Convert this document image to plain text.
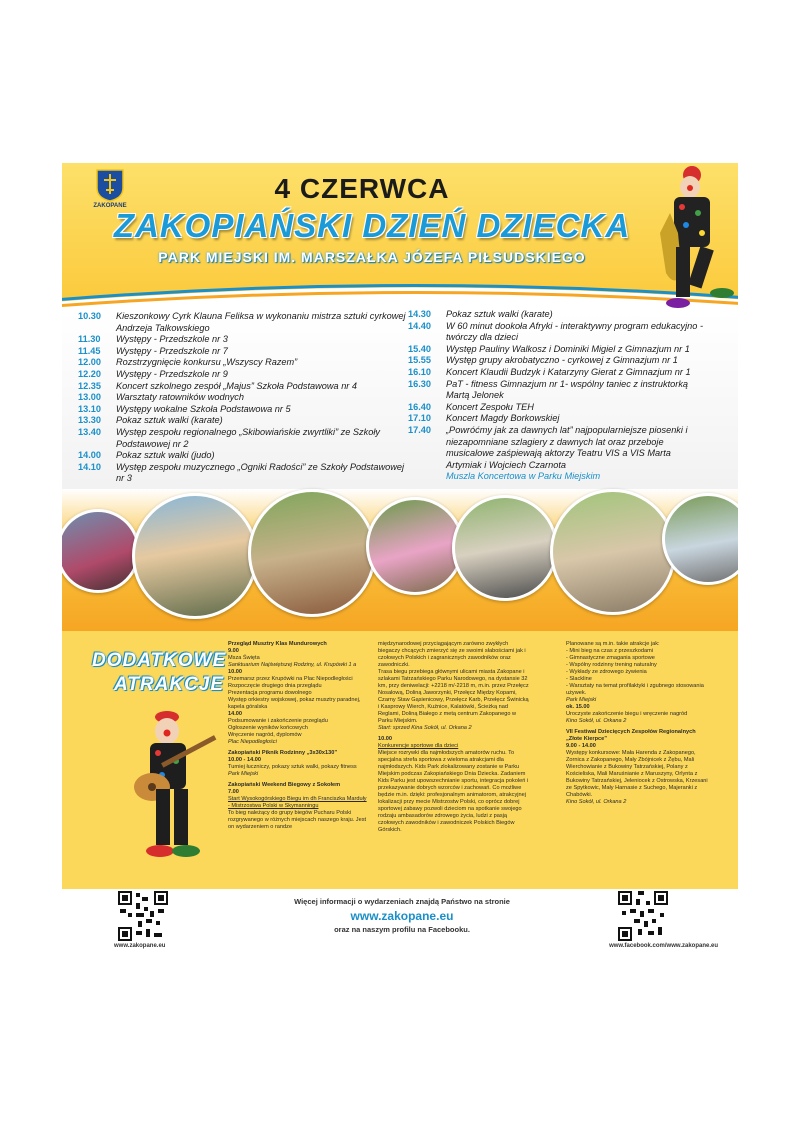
ZAKOPANE
4 CZERWCA
ZAKOPIAŃSKI DZIEŃ DZIECKA
PARK MIEJSKI IM. MARSZAŁKA JÓZEFA PIŁSUDSKIEGO
10.30	Kieszonkowy Cyrk Klauna Feliksa w wykonaniu mistrza sztuki cyrkowej Andrzeja Talkowskiego
11.30	Występy - Przedszkole nr 3
11.45	Występy - Przedszkole nr 7
12.00	Rozstrzygnięcie konkursu „Wszyscy Razem”
12.20	Występy - Przedszkole nr 9
12.35	Koncert szkolnego zespół „Majus” Szkoła Podstawowa nr 4
13.00	Warsztaty ratowników wodnych
13.10	Występy wokalne Szkoła Podstawowa nr 5
13.30	Pokaz sztuk walki (karate)
13.40	Występ zespołu regionalnego „Skibowiańskie zwyrtliki” ze Szkoły Podstawowej nr 2
14.00	Pokaz sztuk walki (judo)
14.10	Występ zespołu muzycznego „Ogniki Radości” ze Szkoły Podstawowej nr 3
14.30	Pokaz sztuk walki (karate)
14.40	W 60 minut dookoła Afryki - interaktywny program edukacyjno - twórczy dla dzieci
15.40	Występ Pauliny Walkosz i Dominiki Migiel z Gimnazjum nr 1
15.55	Występ grupy akrobatyczno - cyrkowej z Gimnazjum nr 1
16.10	Koncert Klaudii Budzyk i Katarzyny Gierat z Gimnazjum nr 1
16.30	PaT - fitness Gimnazjum nr 1- wspólny taniec z instruktorką Martą Jelonek
16.40	Koncert Zespołu TEH
17.10	Koncert Magdy Borkowskiej
17.40	„Powróćmy jak za dawnych lat” najpopularniejsze piosenki i niezapomniane szlagiery z dawnych lat oraz przeboje musicalowe zaśpiewają aktorzy Teatru VIS a VIS Marta Artymiak i Wojciech Czarnota
Muszla Koncertowa w Parku Miejskim
DODATKOWE
ATRAKCJE

Przegląd Musztry Klas Mundurowych

9.00

Msza Święta

Sanktuarium Najświętszej Rodziny, ul. Krupówki 1 a

10.00

Przemarsz przez Krupówki na Plac Niepodległości

Rozpoczęcie drugiego dnia przeglądu

Prezentacja programu dowolnego

Występ orkiestry wojskowej, pokaz musztry paradnej, kapela góralska

14.00

Podsumowanie i zakończenie przeglądu

Ogłoszenie wyników końcowych

Wręczenie nagród, dyplomów

Plac Niepodległości

Zakopiański Piknik Rodzinny „3x30x130”

10.00 - 14.00

Turniej łuczniczy, pokazy sztuk walki, pokazy fitness

Park Miejski

Zakopiański Weekend Biegowy z Sokołem

7.00

Start Wysokogórskiego Biegu im dh Franciszka Marduły - Mistrzostwa Polski w Skymanningu

To bieg należący do grupy biegów Pucharu Polski rozgrywanego w różnych miejscach naszego kraju. Jest on wydarzeniem o randze

międzynarodowej przyciągającym zarówno zwykłych biegaczy chcących zmierzyć się ze swoimi słabościami jak i czołowych Polskich i zagranicznych zawodników oraz zawodniczki.

Trasa biegu przebiega głównymi ulicami miasta Zakopane i szlakami Tatrzańskiego Parku Narodowego, na dystansie 32 km, przy deniwelacji: +2218 m/-2218 m, m.in. przez Przełęcz Nosalową, Doliną Jaworzynki, Przełęcz Między Kopami, Czarny Staw Gąsienicowy, Przełęcz Karb, Przełęcz Świnicką i Kasprowy Wierch, Kuźnice, Kalatówki, Ścieżką nad Reglami, Doliną Białego z metą centrum Zakopanego w Parku Miejskim.

Start: sprzed Kina Sokół, ul. Orkana 2

10.00

Konkurencje sportowe dla dzieci

Miejsce rozrywki dla najmłodszych amatorów ruchu. To specjalna strefa sportowa z wieloma atrakcjami dla najmłodszych. Kids Park zlokalizowany zostanie w Parku Miejskim podczas Zakopiańskiego Dnia Dziecka. Zadaniem Kids Parku jest upowszechnianie sportu, integracja pokoleń i przekazywanie dobrych wzorców i zachowań. Co możliwe będzie m.in. dzięki: profesjonalnym animatorom, atrakcyjnej lokalizacji przy mecie Mistrzostw Polski, co oprócz dobrej sportowej zabawy pozwoli dzieciom na spotkanie swojego rodzaju ambasadorów zdrowego życia, ludzi z pasją czołowych zawodników i zawodniczek Polskich Biegów Górskich.

Planowane są m.in. takie atrakcje jak:

- Mini bieg na czas z przeszkodami

- Gimnastyczne zmagania sportowe

- Wspólny rodzinny trening naturalny

- Wykłady ze zdrowego żywienia

- Slackline

- Warsztaty na temat profilaktyki i zgubnego stosowania używek.

Park Miejski

ok. 15.00

Uroczyste zakończenie biegu i wręczenie nagród

Kino Sokół, ul. Orkana 2

VII Festiwal Dziecięcych Zespołów Regionalnych „Złote Kierpce”

9.00 - 14.00

Występy konkursowe: Mała Harenda z Zakopanego, Zornica z Zakopanego, Mały Zbójnicek z Żębu, Mali Wierchowianie z Bukowiny Tatrzańskiej, Polany z Kościeliska, Mali Maruśnianie z Maruszyny, Orlynta z Bukowiny Tatrzańskiej, Jeleniocek z Ostrowska, Krzesani ze Spytkowic, Mały Harnasie z Suchego, Majeranki z Chabówki.

Kino Sokół, ul. Orkana 2

www.zakopane.eu
Więcej informacji o wydarzeniach znajdą Państwo na stronie
www.zakopane.eu
oraz na naszym profilu na Facebooku.
www.facebook.com/www.zakopane.eu
